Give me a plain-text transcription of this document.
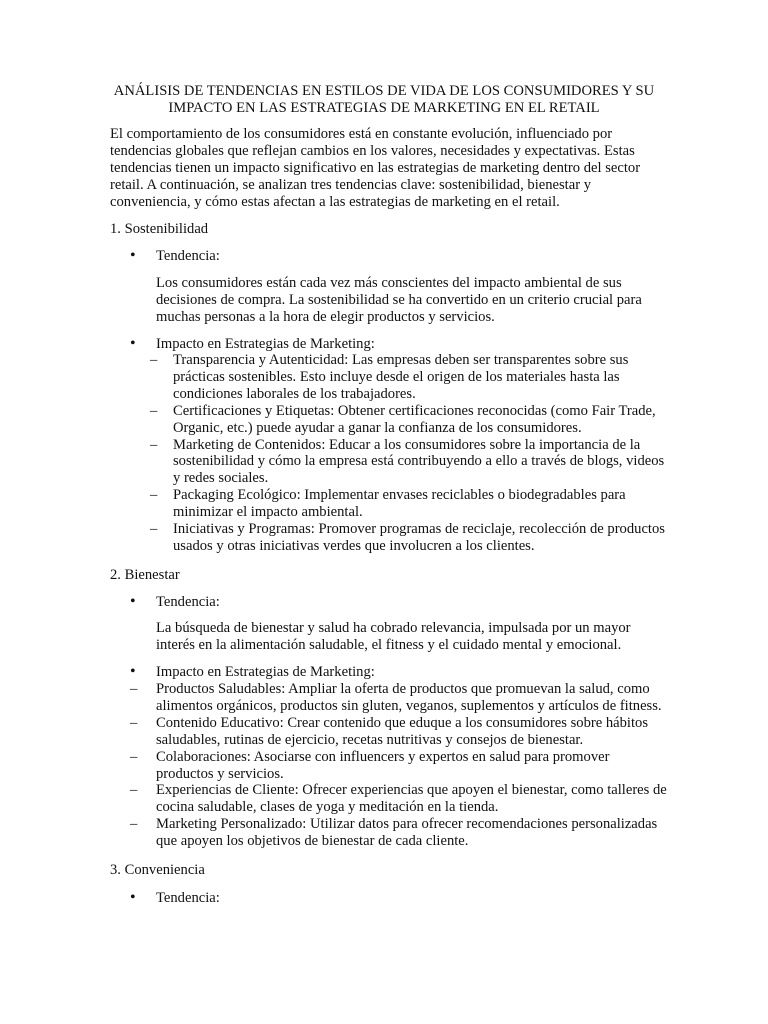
ANÁLISIS DE TENDENCIAS EN ESTILOS DE VIDA DE LOS CONSUMIDORES Y SU
IMPACTO EN LAS ESTRATEGIAS DE MARKETING EN EL RETAIL

El comportamiento de los consumidores está en constante evolución, influenciado por tendencias globales que reflejan cambios en los valores, necesidades y expectativas. Estas tendencias tienen un impacto significativo en las estrategias de marketing dentro del sector retail. A continuación, se analizan tres tendencias clave: sostenibilidad, bienestar y conveniencia, y cómo estas afectan a las estrategias de marketing en el retail.

1. Sostenibilidad

• Tendencia:

Los consumidores están cada vez más conscientes del impacto ambiental de sus decisiones de compra. La sostenibilidad se ha convertido en un criterio crucial para muchas personas a la hora de elegir productos y servicios.

• Impacto en Estrategias de Marketing:
–	Transparencia y Autenticidad: Las empresas deben ser transparentes sobre sus prácticas sostenibles. Esto incluye desde el origen de los materiales hasta las condiciones laborales de los trabajadores.
–	Certificaciones y Etiquetas: Obtener certificaciones reconocidas (como Fair Trade, Organic, etc.) puede ayudar a ganar la confianza de los consumidores.
–	Marketing de Contenidos: Educar a los consumidores sobre la importancia de la sostenibilidad y cómo la empresa está contribuyendo a ello a través de blogs, videos y redes sociales.
–	Packaging Ecológico: Implementar envases reciclables o biodegradables para minimizar el impacto ambiental.
–	Iniciativas y Programas: Promover programas de reciclaje, recolección de productos usados y otras iniciativas verdes que involucren a los clientes.

2. Bienestar

• Tendencia:

La búsqueda de bienestar y salud ha cobrado relevancia, impulsada por un mayor interés en la alimentación saludable, el fitness y el cuidado mental y emocional.

• Impacto en Estrategias de Marketing:
–	Productos Saludables: Ampliar la oferta de productos que promuevan la salud, como alimentos orgánicos, productos sin gluten, veganos, suplementos y artículos de fitness.
–	Contenido Educativo: Crear contenido que eduque a los consumidores sobre hábitos saludables, rutinas de ejercicio, recetas nutritivas y consejos de bienestar.
–	Colaboraciones: Asociarse con influencers y expertos en salud para promover productos y servicios.
–	Experiencias de Cliente: Ofrecer experiencias que apoyen el bienestar, como talleres de cocina saludable, clases de yoga y meditación en la tienda.
–	Marketing Personalizado: Utilizar datos para ofrecer recomendaciones personalizadas que apoyen los objetivos de bienestar de cada cliente.

3. Conveniencia

• Tendencia:
